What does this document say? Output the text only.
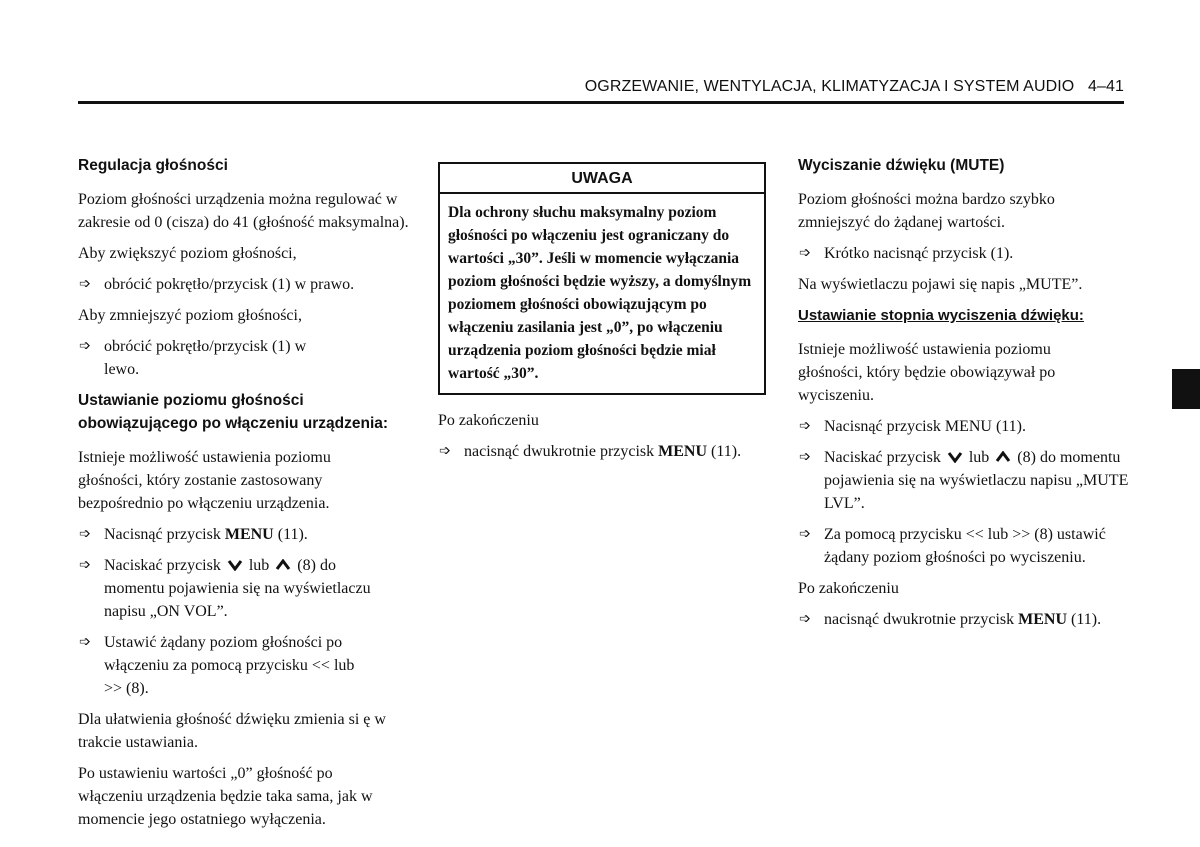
OGRZEWANIE, WENTYLACJA, KLIMATYZACJA I SYSTEM AUDIO 4–41
Regulacja głośności

Poziom głośności urządzenia można regulować w zakresie od 0 (cisza) do 41 (głośność maksymalna).

Aby zwiększyć poziom głośności,

➩ obrócić pokrętło/przycisk (1) w prawo.

Aby zmniejszyć poziom głośności,

➩ obrócić pokrętło/przycisk (1) w lewo.
Ustawianie poziomu głośności obowiązującego po włączeniu urządzenia:

Istnieje możliwość ustawienia poziomu głośności, który zostanie zastosowany bezpośrednio po włączeniu urządzenia.

➩ Nacisnąć przycisk MENU (11).
➩ Naciskać przycisk lub (8) do momentu pojawienia się na wyświetlaczu napisu „ON VOL”.
➩ Ustawić żądany poziom głośności po włączeniu za pomocą przycisku << lub >> (8).

Dla ułatwienia głośność dźwięku zmienia si ę w trakcie ustawiania.

Po ustawieniu wartości „0” głośność po włączeniu urządzenia będzie taka sama, jak w momencie jego ostatniego wyłączenia.

UWAGA
Dla ochrony słuchu maksymalny poziom głośności po włączeniu jest ograniczany do wartości „30”. Jeśli w momencie wyłączania poziom głośności będzie wyższy, a domyślnym poziomem głośności obowiązującym po włączeniu zasilania jest „0”, po włączeniu urządzenia poziom głośności będzie miał wartość „30”.

Po zakończeniu

➩ nacisnąć dwukrotnie przycisk MENU (11).
Wyciszanie dźwięku (MUTE)

Poziom głośności można bardzo szybko zmniejszyć do żądanej wartości.

➩ Krótko nacisnąć przycisk (1).

Na wyświetlaczu pojawi się napis „MUTE”.

Ustawianie stopnia wyciszenia dźwięku:

Istnieje możliwość ustawienia poziomu głośności, który będzie obowiązywał po wyciszeniu.

➩ Nacisnąć przycisk MENU (11).
➩ Naciskać przycisk lub (8) do momentu pojawienia się na wyświetlaczu napisu „MUTE LVL”.
➩ Za pomocą przycisku << lub >> (8) ustawić żądany poziom głośności po wyciszeniu.

Po zakończeniu

➩ nacisnąć dwukrotnie przycisk MENU (11).
